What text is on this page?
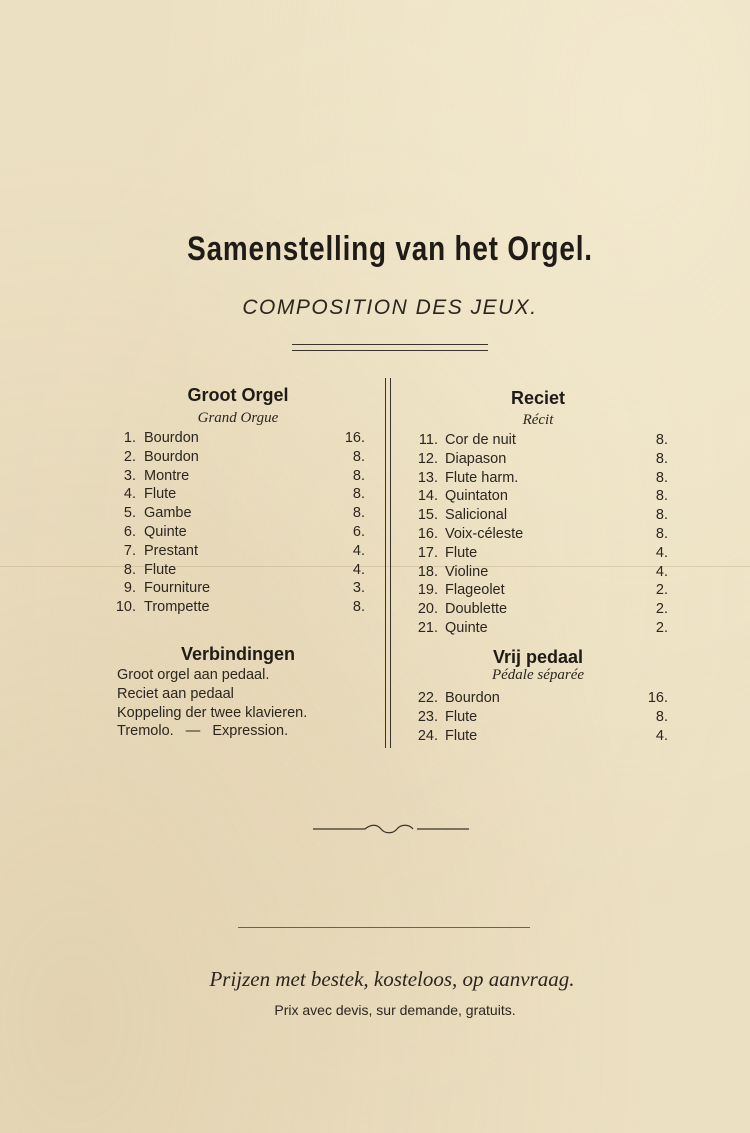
Samenstelling van het Orgel.
COMPOSITION DES JEUX.
Groot Orgel
Grand Orgue
1. Bourdon	16.
2. Bourdon	8.
3. Montre	8.
4. Flute	8.
5. Gambe	8.
6. Quinte	6.
7. Prestant	4.
8. Flute	4.
9. Fourniture	3.
10. Trompette	8.
Verbindingen
Groot orgel aan pedaal.
Reciet aan pedaal
Koppeling der twee klavieren.
Tremolo.   —   Expression.
Reciet
Récit
11. Cor de nuit	8.
12. Diapason	8.
13. Flute harm.	8.
14. Quintaton	8.
15. Salicional	8.
16. Voix-céleste	8.
17. Flute	4.
18. Violine	4.
19. Flageolet	2.
20. Doublette	2.
21. Quinte	2.
Vrij pedaal
Pédale séparée
22. Bourdon	16.
23. Flute	8.
24. Flute	4.
Prijzen met bestek, kosteloos, op aanvraag.
Prix avec devis, sur demande, gratuits.
